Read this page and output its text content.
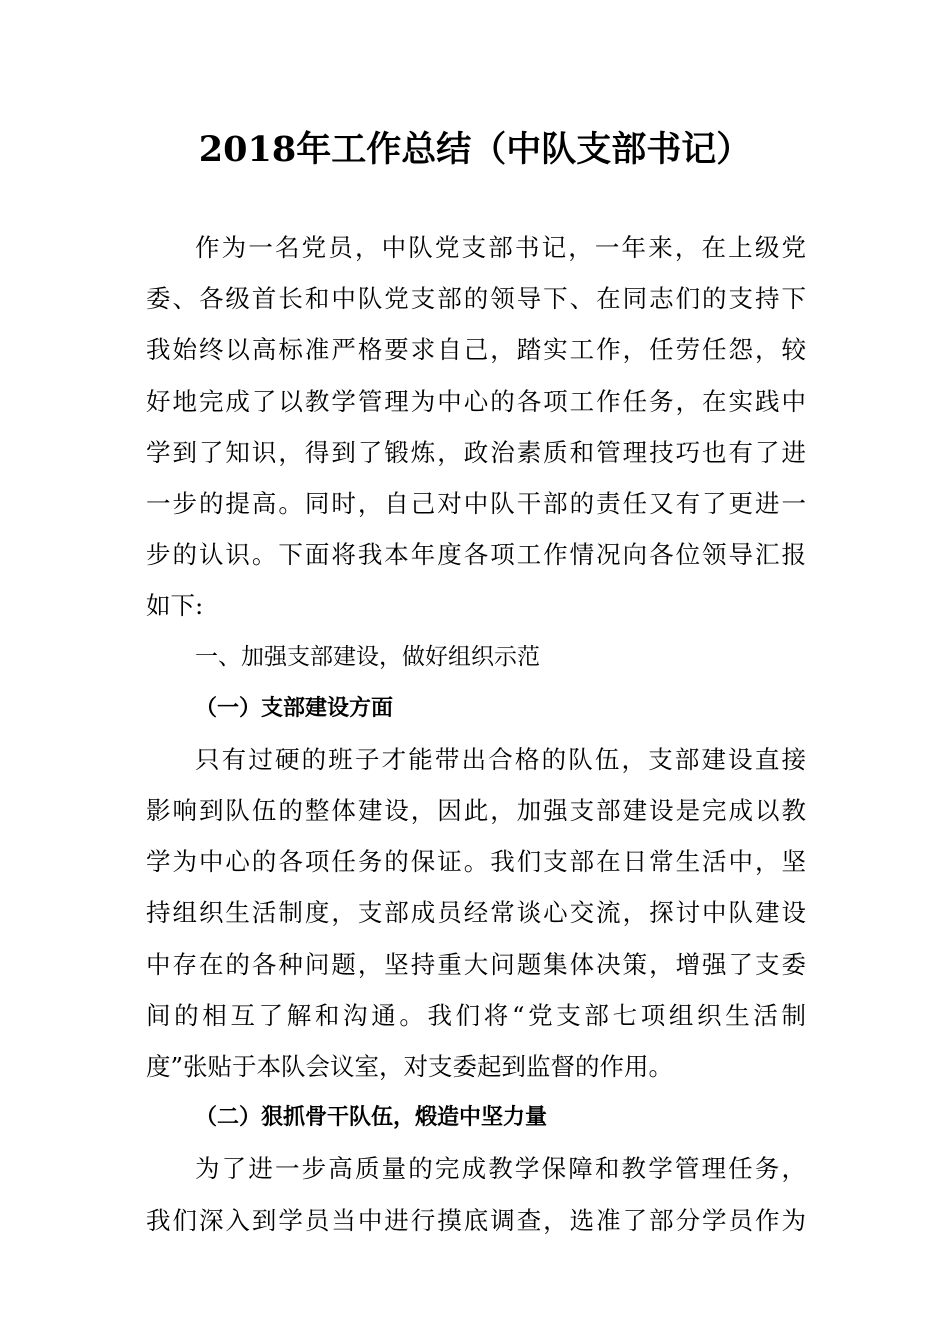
2018年工作总结（中队支部书记）
作为一名党员，中队党支部书记，一年来，在上级党
委、各级首长和中队党支部的领导下、在同志们的支持下
我始终以高标准严格要求自己，踏实工作，任劳任怨，较
好地完成了以教学管理为中心的各项工作任务，在实践中
学到了知识，得到了锻炼，政治素质和管理技巧也有了进
一步的提高。同时，自己对中队干部的责任又有了更进一
步的认识。下面将我本年度各项工作情况向各位领导汇报
如下:
一、加强支部建设，做好组织示范
（一）支部建设方面
只有过硬的班子才能带出合格的队伍，支部建设直接
影响到队伍的整体建设，因此，加强支部建设是完成以教
学为中心的各项任务的保证。我们支部在日常生活中，坚
持组织生活制度，支部成员经常谈心交流，探讨中队建设
中存在的各种问题，坚持重大问题集体决策，增强了支委
间的相互了解和沟通。我们将“党支部七项组织生活制
度”张贴于本队会议室，对支委起到监督的作用。
（二）狠抓骨干队伍，煅造中坚力量
为了进一步高质量的完成教学保障和教学管理任务，
我们深入到学员当中进行摸底调查，选准了部分学员作为
